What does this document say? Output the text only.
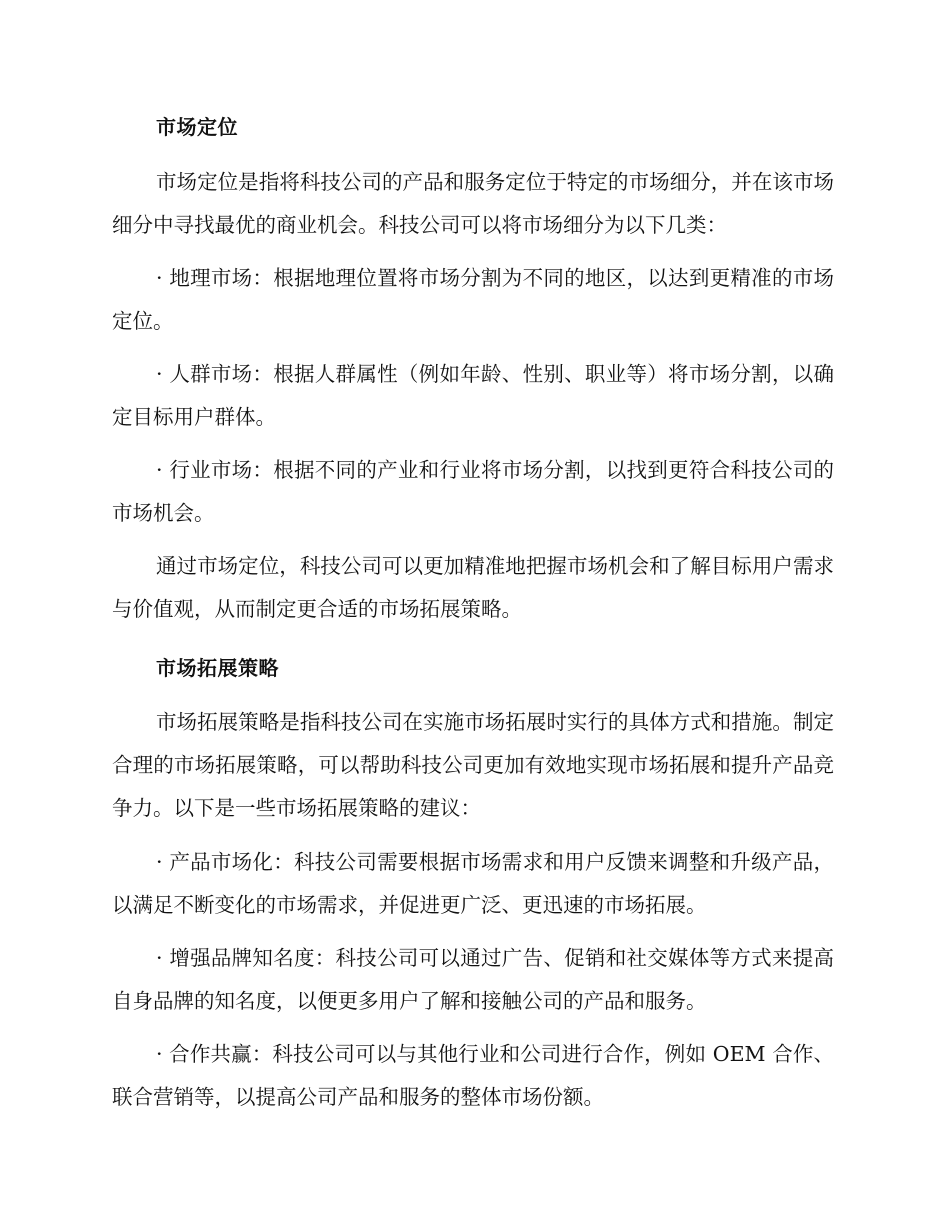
市场定位

市场定位是指将科技公司的产品和服务定位于特定的市场细分，并在该市场细分中寻找最优的商业机会。科技公司可以将市场细分为以下几类：

· 地理市场：根据地理位置将市场分割为不同的地区，以达到更精准的市场定位。

· 人群市场：根据人群属性（例如年龄、性别、职业等）将市场分割，以确定目标用户群体。

· 行业市场：根据不同的产业和行业将市场分割，以找到更符合科技公司的市场机会。

通过市场定位，科技公司可以更加精准地把握市场机会和了解目标用户需求与价值观，从而制定更合适的市场拓展策略。

市场拓展策略

市场拓展策略是指科技公司在实施市场拓展时实行的具体方式和措施。制定合理的市场拓展策略，可以帮助科技公司更加有效地实现市场拓展和提升产品竞争力。以下是一些市场拓展策略的建议：

· 产品市场化：科技公司需要根据市场需求和用户反馈来调整和升级产品，以满足不断变化的市场需求，并促进更广泛、更迅速的市场拓展。

· 增强品牌知名度：科技公司可以通过广告、促销和社交媒体等方式来提高自身品牌的知名度，以便更多用户了解和接触公司的产品和服务。

· 合作共赢：科技公司可以与其他行业和公司进行合作，例如 OEM 合作、联合营销等，以提高公司产品和服务的整体市场份额。
